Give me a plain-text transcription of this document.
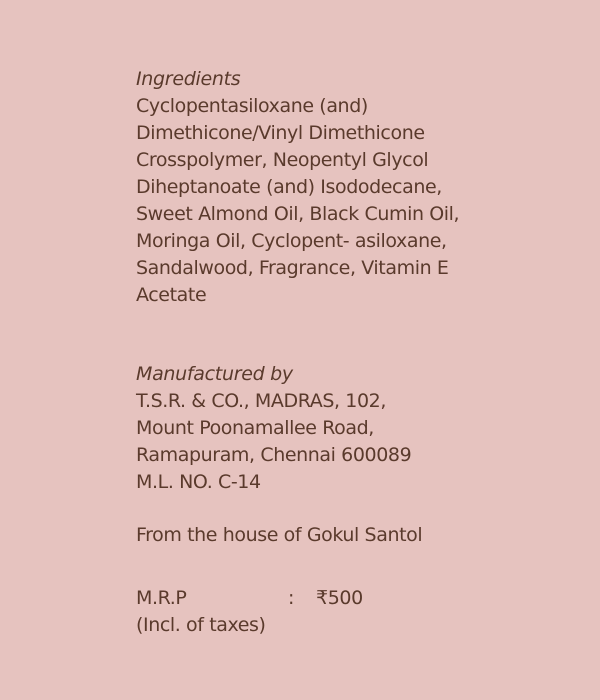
Ingredients

Cyclopentasiloxane (and)
Dimethicone/Vinyl Dimethicone
Crosspolymer, Neopentyl Glycol
Diheptanoate (and) Isododecane,
Sweet Almond Oil, Black Cumin Oil,
Moringa Oil, Cyclopent- asiloxane,
Sandalwood, Fragrance, Vitamin E
Acetate

Manufactured by

T.S.R. & CO., MADRAS, 102,
Mount Poonamallee Road,
Ramapuram, Chennai 600089
M.L. NO. C-14

From the house of Gokul Santol

M.R.P	:	₹500

(Incl. of taxes)
